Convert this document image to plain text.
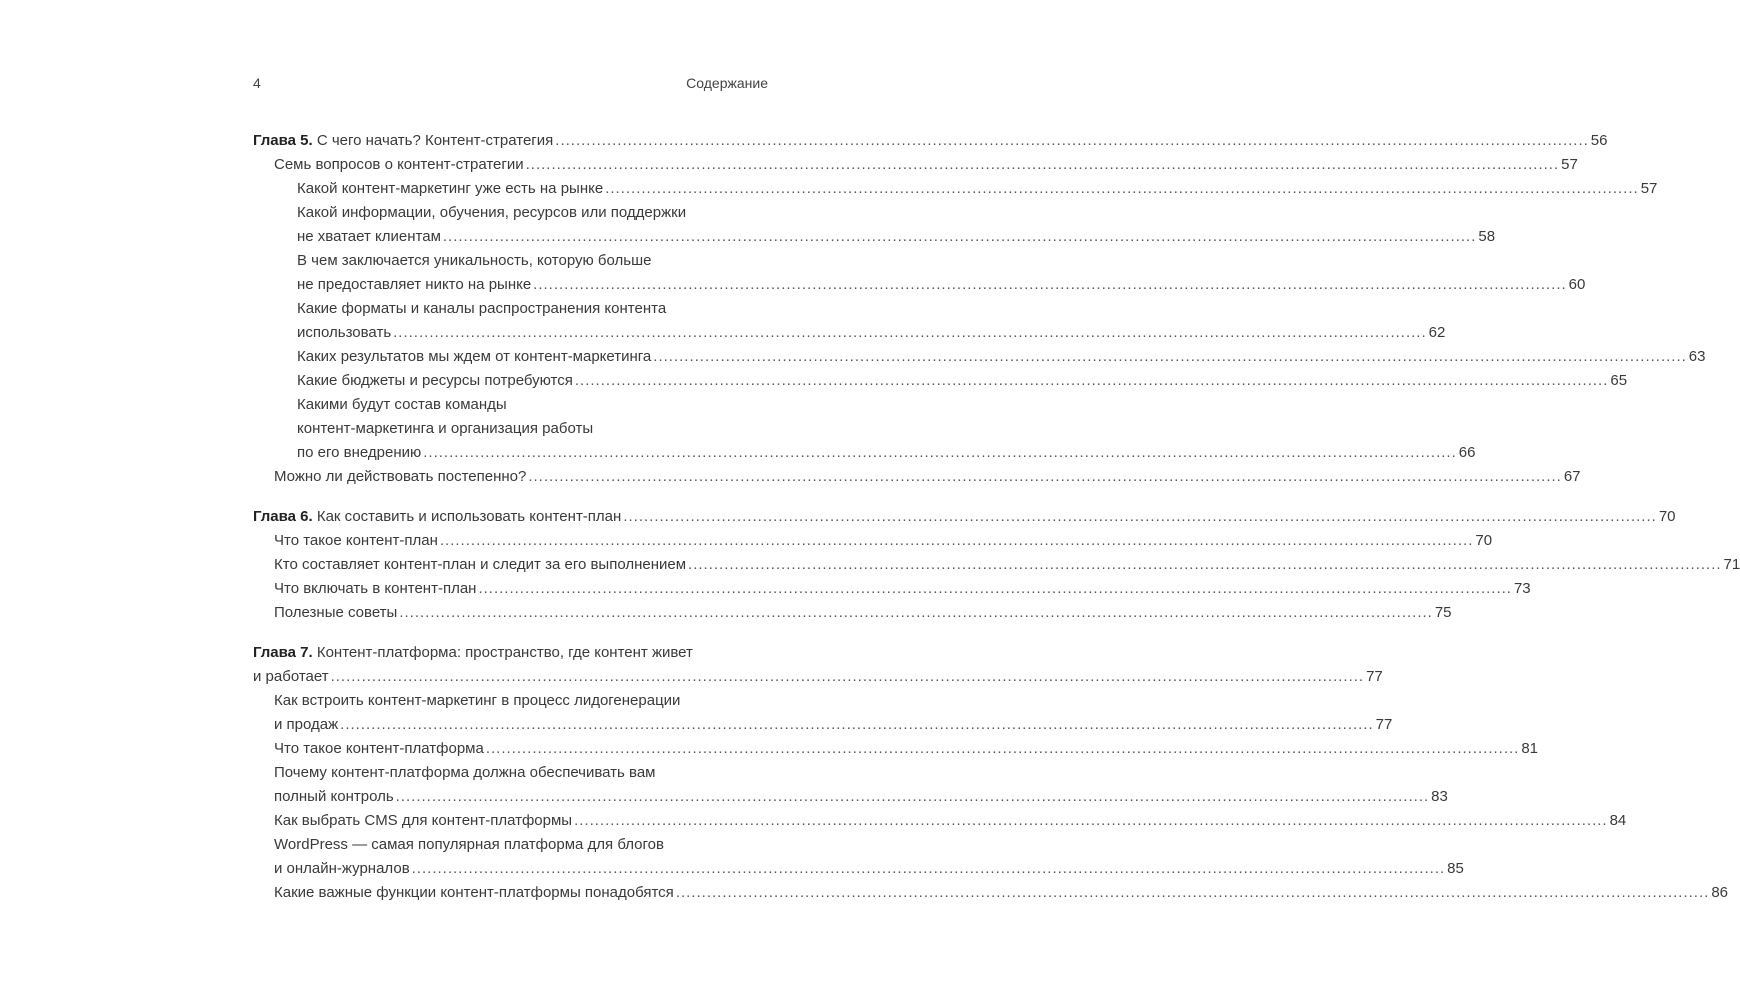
4	Содержание
Глава 5. С чего начать? Контент-стратегия ........................................................................................................................................................................................................ 56
Семь вопросов о контент-стратегии ........................................................................................................................................................................................................ 57
Какой контент-маркетинг уже есть на рынке ........................................................................................................................................................................................................ 57
Какой информации, обучения, ресурсов или поддержки
не хватает клиентам ........................................................................................................................................................................................................ 58
В чем заключается уникальность, которую больше
не предоставляет никто на рынке ........................................................................................................................................................................................................ 60
Какие форматы и каналы распространения контента
использовать ........................................................................................................................................................................................................ 62
Каких результатов мы ждем от контент-маркетинга ........................................................................................................................................................................................................ 63
Какие бюджеты и ресурсы потребуются ........................................................................................................................................................................................................ 65
Какими будут состав команды
контент-маркетинга и организация работы
по его внедрению ........................................................................................................................................................................................................ 66
Можно ли действовать постепенно? ........................................................................................................................................................................................................ 67
Глава 6. Как составить и использовать контент-план ........................................................................................................................................................................................................ 70
Что такое контент-план ........................................................................................................................................................................................................ 70
Кто составляет контент-план и следит за его выполнением ........................................................................................................................................................................................................ 71
Что включать в контент-план ........................................................................................................................................................................................................ 73
Полезные советы ........................................................................................................................................................................................................ 75
Глава 7. Контент-платформа: пространство, где контент живет
и работает ........................................................................................................................................................................................................ 77
Как встроить контент-маркетинг в процесс лидогенерации
и продаж ........................................................................................................................................................................................................ 77
Что такое контент-платформа ........................................................................................................................................................................................................ 81
Почему контент-платформа должна обеспечивать вам
полный контроль ........................................................................................................................................................................................................ 83
Как выбрать CMS для контент-платформы ........................................................................................................................................................................................................ 84
WordPress — самая популярная платформа для блогов
и онлайн-журналов ........................................................................................................................................................................................................ 85
Какие важные функции контент-платформы понадобятся ........................................................................................................................................................................................................ 86
